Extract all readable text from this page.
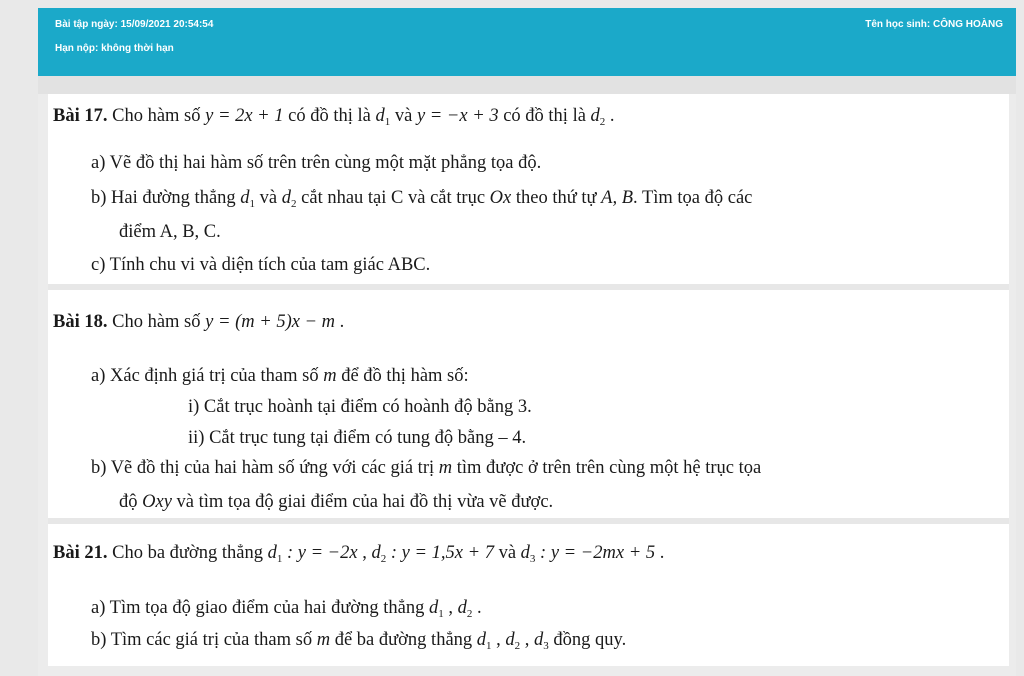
Bài tập ngày: 15/09/2021 20:54:54
Hạn nộp: không thời hạn
Tên học sinh: CÔNG HOÀNG
Bài 17. Cho hàm số y = 2x + 1 có đồ thị là $d_1$ và y = −x + 3 có đồ thị là $d_2$ .
a) Vẽ đồ thị hai hàm số trên trên cùng một mặt phẳng tọa độ.
b) Hai đường thẳng $d_1$ và $d_2$ cắt nhau tại C và cắt trục Ox theo thứ tự A, B. Tìm tọa độ các
điểm A, B, C.
c) Tính chu vi và diện tích của tam giác ABC.
Bài 18. Cho hàm số y = (m + 5)x − m .
a) Xác định giá trị của tham số m để đồ thị hàm số:
i) Cắt trục hoành tại điểm có hoành độ bằng 3.
ii) Cắt trục tung tại điểm có tung độ bằng – 4.
b) Vẽ đồ thị của hai hàm số ứng với các giá trị m tìm được ở trên trên cùng một hệ trục tọa
độ Oxy và tìm tọa độ giai điểm của hai đồ thị vừa vẽ được.
Bài 21. Cho ba đường thẳng $d_1$ : y = −2x , $d_2$ : y = 1,5x + 7 và $d_3$ : y = −2mx + 5 .
a) Tìm tọa độ giao điểm của hai đường thẳng $d_1$ , $d_2$ .
b) Tìm các giá trị của tham số m để ba đường thẳng $d_1$ , $d_2$ , $d_3$ đồng quy.
